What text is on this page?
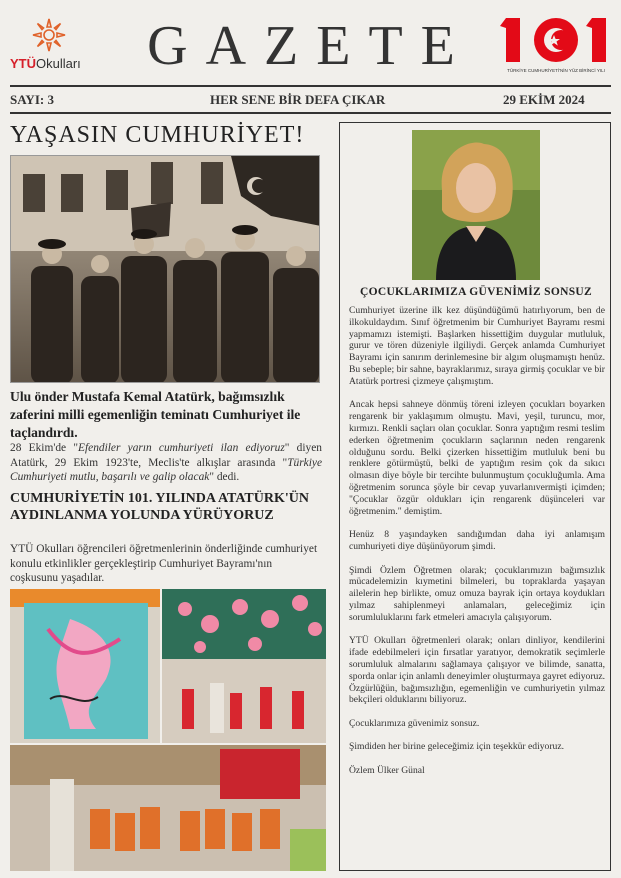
YTÜOkulları	GAZETE	TÜRKİYE CUMHURİYETİ'NİN YÜZ BİRİNCİ YILI
SAYI: 3	HER SENE BİR DEFA ÇIKAR	29 EKİM 2024
YAŞASIN CUMHURİYET!
Ulu önder Mustafa Kemal Atatürk, bağımsızlık zaferini milli egemenliğin teminatı Cumhuriyet ile taçlandırdı.
28 Ekim'de "Efendiler yarın cumhuriyeti ilan ediyoruz" diyen Atatürk, 29 Ekim 1923'te, Meclis'te alkışlar arasında "Türkiye Cumhuriyeti mutlu, başarılı ve galip olacak" dedi.
CUMHURİYETİN 101. YILINDA ATATÜRK'ÜN AYDINLANMA YOLUNDA YÜRÜYORUZ
YTÜ Okulları öğrencileri öğretmenlerinin önderliğinde cumhuriyet konulu etkinlikler gerçekleştirip Cumhuriyet Bayramı'nın coşkusunu yaşadılar.
ÇOCUKLARIMIZA GÜVENİMİZ SONSUZ

Cumhuriyet üzerine ilk kez düşündüğümü hatırlıyorum, ben de ilkokuldaydım. Sınıf öğretmenim bir Cumhuriyet Bayramı resmi yapmamızı istemişti. Başlarken hissettiğim duygular mutluluk, gurur ve tören düzeniyle ilgiliydi. Gerçek anlamda Cumhuriyet Bayramı için sanırım derinlemesine bir algım oluşmamıştı henüz. Bu sebeple; bir sahne, bayraklarımız, sıraya girmiş çocuklar ve bir Atatürk portresi çizmeye çalışmıştım.

Ancak hepsi sahneye dönmüş töreni izleyen çocukları boyarken rengarenk bir yaklaşımım olmuştu. Mavi, yeşil, turuncu, mor, kırmızı. Renkli saçları olan çocuklar. Sonra yaptığım resmi teslim ederken öğretmenim çocukların saçlarının neden rengarenk olduğunu sordu. Belki çizerken hissettiğim mutluluk beni bu renklere götürmüştü, belki de yaptığım resim çok da sıkıcı olmasın diye böyle bir tercihte bulunmuştum çocukluğumla. Ama öğretmenim sorunca şöyle bir cevap yuvarlanıvermişti içimden; "Çocuklar özgür oldukları için rengarenk düşünceleri var öğretmenim." demiştim.

Henüz 8 yaşındayken sandığımdan daha iyi anlamışım cumhuriyeti diye düşünüyorum şimdi.

Şimdi Özlem Öğretmen olarak; çocuklarımızın bağımsızlık mücadelemizin kıymetini bilmeleri, bu topraklarda yaşayan ailelerin hep birlikte, omuz omuza bayrak için ortaya koydukları yılmaz sahiplenmeyi anlamaları, geleceğimiz için sorumluluklarını fark etmeleri amacıyla çalışıyorum.

YTÜ Okulları öğretmenleri olarak; onları dinliyor, kendilerini ifade edebilmeleri için fırsatlar yaratıyor, demokratik seçimlerle sorumluluk almalarını sağlamaya çalışıyor ve bilimde, sanatta, sporda onlar için anlamlı deneyimler oluşturmaya gayret ediyoruz. Özgürlüğün, bağımsızlığın, egemenliğin ve cumhuriyetin yılmaz bekçileri olduklarını biliyoruz.

Çocuklarımıza güvenimiz sonsuz.

Şimdiden her birine geleceğimiz için teşekkür ediyoruz.

Özlem Ülker Günal
